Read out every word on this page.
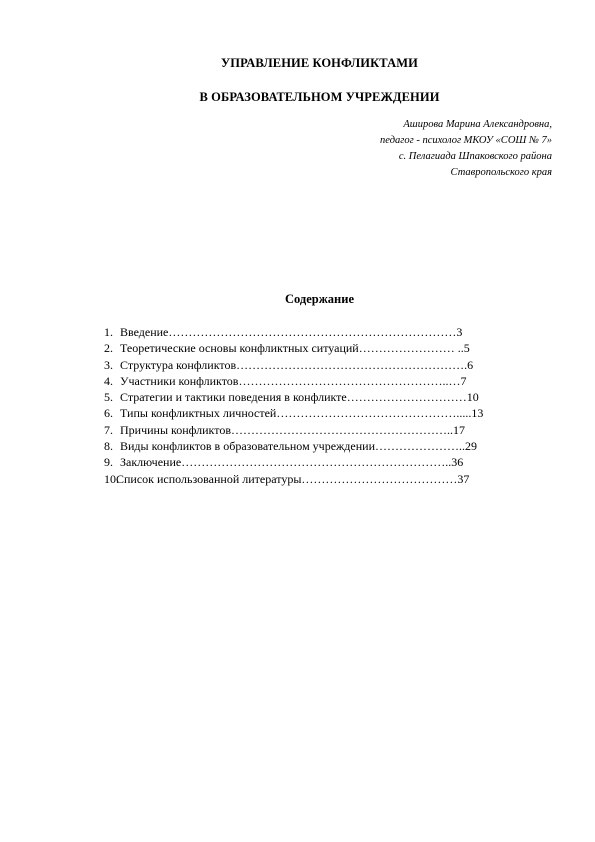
УПРАВЛЕНИЕ КОНФЛИКТАМИ
В ОБРАЗОВАТЕЛЬНОМ УЧРЕЖДЕНИИ
Аширова Марина Александровна,
педагог - психолог МКОУ «СОШ № 7»
с. Пелагиада Шпаковского района
Ставропольского края
Содержание
1. Введение ……………………………………………………………… 3
2. Теоретические основы конфликтных ситуаций …………………… .. 5
3. Структура конфликтов …………………………………………………. 6
4. Участники конфликтов ……………………………………………..… 7
5. Стратегии и тактики поведения в конфликте ………………………… 10
6. Типы конфликтных личностей ………………………………………..... 13
7. Причины конфликтов ……………………………………………….. 17
8. Виды конфликтов в образовательном учреждении ………………….. 29
9. Заключение ………………………………………………………….. 36
10.
Список использованной литературы ………………………………… 37
